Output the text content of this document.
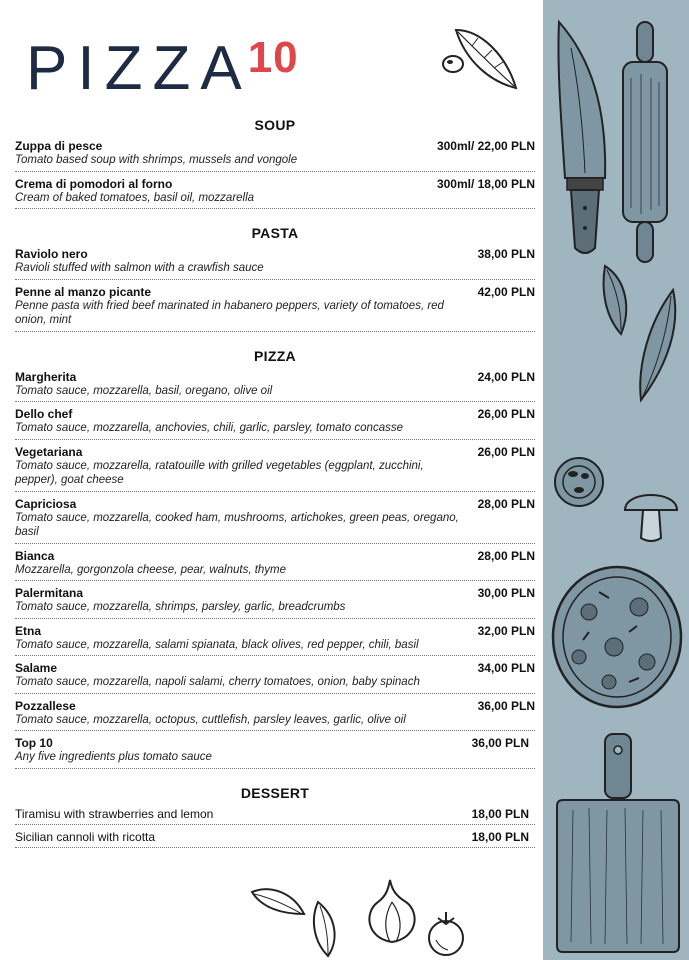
PIZZA$^{10}$
SOUP
Zuppa di pesce	300ml/ 22,00 PLN
Tomato based soup with shrimps, mussels and vongole
Crema di pomodori al forno	300ml/ 18,00 PLN
Cream of baked tomatoes, basil oil, mozzarella
PASTA
Raviolo nero	38,00 PLN
Ravioli stuffed with salmon with a crawfish sauce
Penne al manzo picante	42,00 PLN
Penne pasta with fried beef marinated in habanero peppers, variety of tomatoes, red onion, mint
PIZZA
Margherita	24,00 PLN
Tomato sauce, mozzarella, basil, oregano, olive oil
Dello chef	26,00 PLN
Tomato sauce, mozzarella, anchovies, chili, garlic, parsley, tomato concasse
Vegetariana	26,00 PLN
Tomato sauce, mozzarella, ratatouille with grilled vegetables (eggplant, zucchini, pepper), goat cheese
Capriciosa	28,00 PLN
Tomato sauce, mozzarella, cooked ham, mushrooms, artichokes, green peas, oregano, basil
Bianca	28,00 PLN
Mozzarella, gorgonzola cheese, pear, walnuts, thyme
Palermitana	30,00 PLN
Tomato sauce, mozzarella, shrimps, parsley, garlic, breadcrumbs
Etna	32,00 PLN
Tomato sauce, mozzarella, salami spianata, black olives, red pepper, chili, basil
Salame	34,00 PLN
Tomato sauce, mozzarella, napoli salami, cherry tomatoes, onion, baby spinach
Pozzallese	36,00 PLN
Tomato sauce, mozzarella, octopus, cuttlefish, parsley leaves, garlic, olive oil
Top 10	36,00 PLN
Any five ingredients plus tomato sauce
DESSERT
Tiramisu with strawberries and lemon	18,00 PLN
Sicilian cannoli with ricotta	18,00 PLN
